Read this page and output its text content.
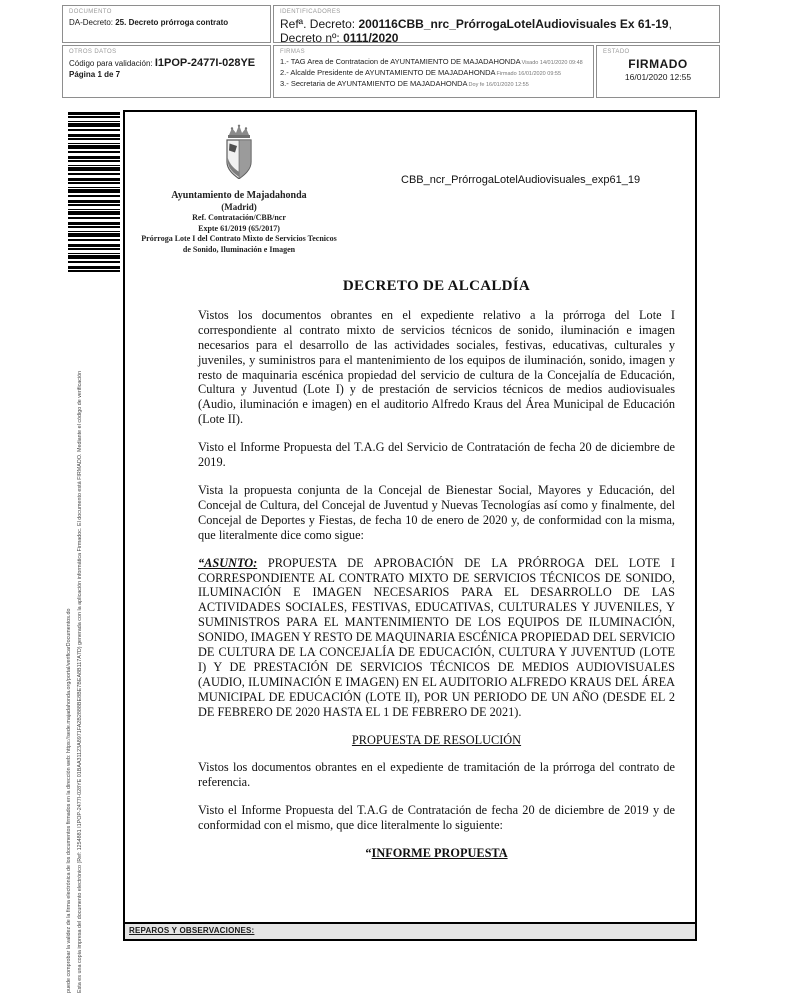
DOCUMENTO
DA-Decreto: 25. Decreto prórroga contrato
IDENTIFICADORES
Refª. Decreto: 200116CBB_nrc_PrórrogaLotelAudiovisuales Ex 61-19,
Decreto nº: 0111/2020
OTROS DATOS
Código para validación: I1POP-2477I-028YE
Página 1 de 7
FIRMAS
1.- TAG Area de Contratacion de AYUNTAMIENTO DE MAJADAHONDAVisado 14/01/2020 09:48
2.- Alcalde Presidente de AYUNTAMIENTO DE MAJADAHONDAFirmado 16/01/2020 09:55
3.- Secretaria de AYUNTAMIENTO DE MAJADAHONDADoy fe 16/01/2020 12:55
ESTADO
FIRMADO
16/01/2020 12:55
puede comprobar la validez de la firma electrónica de los documentos firmados en la dirección web: https://sede.majadahonda.org/portal/verificarDocumentos.do Esta es una copia impresa del documento electrónico (Ref: 1254881 I1POP-2477I-028YE 01BAA31123A8971FA2B2888BE8BE7BEA8B117A7D) generada con la aplicación informática Firmadoc. El documento está FIRMADO. Mediante el código de verificación
Ayuntamiento de Majadahonda
(Madrid)
Ref. Contratación/CBB/ncr
Expte 61/2019 (65/2017)
Prórroga Lote I del Contrato Mixto de Servicios Tecnicos
de Sonido, Iluminación e Imagen
CBB_ncr_PrórrogaLotelAudiovisuales_exp61_19
DECRETO DE ALCALDÍA

Vistos los documentos obrantes en el expediente relativo a la prórroga del Lote I correspondiente al contrato mixto de servicios técnicos de sonido, iluminación e imagen necesarios para el desarrollo de las actividades sociales, festivas, educativas, culturales y juveniles, y suministros para el mantenimiento de los equipos de iluminación, sonido, imagen y resto de maquinaria escénica propiedad del servicio de cultura de la Concejalía de Educación, Cultura y Juventud (Lote I) y de prestación de servicios técnicos de medios audiovisuales (Audio, iluminación e imagen) en el auditorio Alfredo Kraus del Área Municipal de Educación (Lote II).

Visto el Informe Propuesta del T.A.G del Servicio de Contratación de fecha 20 de diciembre de 2019.

Vista la propuesta conjunta de la Concejal de Bienestar Social, Mayores y Educación, del Concejal de Cultura, del Concejal de Juventud y Nuevas Tecnologías así como y finalmente, del Concejal de Deportes y Fiestas, de fecha 10 de enero de 2020 y, de conformidad con la misma, que literalmente dice como sigue:

“ASUNTO: PROPUESTA DE APROBACIÓN DE LA PRÓRROGA DEL LOTE I CORRESPONDIENTE AL CONTRATO MIXTO DE SERVICIOS TÉCNICOS DE SONIDO, ILUMINACIÓN E IMAGEN NECESARIOS PARA EL DESARROLLO DE LAS ACTIVIDADES SOCIALES, FESTIVAS, EDUCATIVAS, CULTURALES Y JUVENILES, Y SUMINISTROS PARA EL MANTENIMIENTO DE LOS EQUIPOS DE ILUMINACIÓN, SONIDO, IMAGEN Y RESTO DE MAQUINARIA ESCÉNICA PROPIEDAD DEL SERVICIO DE CULTURA DE LA CONCEJALÍA DE EDUCACIÓN, CULTURA Y JUVENTUD (LOTE I) Y DE PRESTACIÓN DE SERVICIOS TÉCNICOS DE MEDIOS AUDIOVISUALES (AUDIO, ILUMINACIÓN E IMAGEN) EN EL AUDITORIO ALFREDO KRAUS DEL ÁREA MUNICIPAL DE EDUCACIÓN (LOTE II), POR UN PERIODO DE UN AÑO (DESDE EL 2 DE FEBRERO DE 2020 HASTA EL 1 DE FEBRERO DE 2021).

PROPUESTA DE RESOLUCIÓN

Vistos los documentos obrantes en el expediente de tramitación de la prórroga del contrato de referencia.

Visto el Informe Propuesta del T.A.G de Contratación de fecha 20 de diciembre de 2019 y de conformidad con el mismo, que dice literalmente lo siguiente:

“INFORME PROPUESTA

REPAROS Y OBSERVACIONES:
